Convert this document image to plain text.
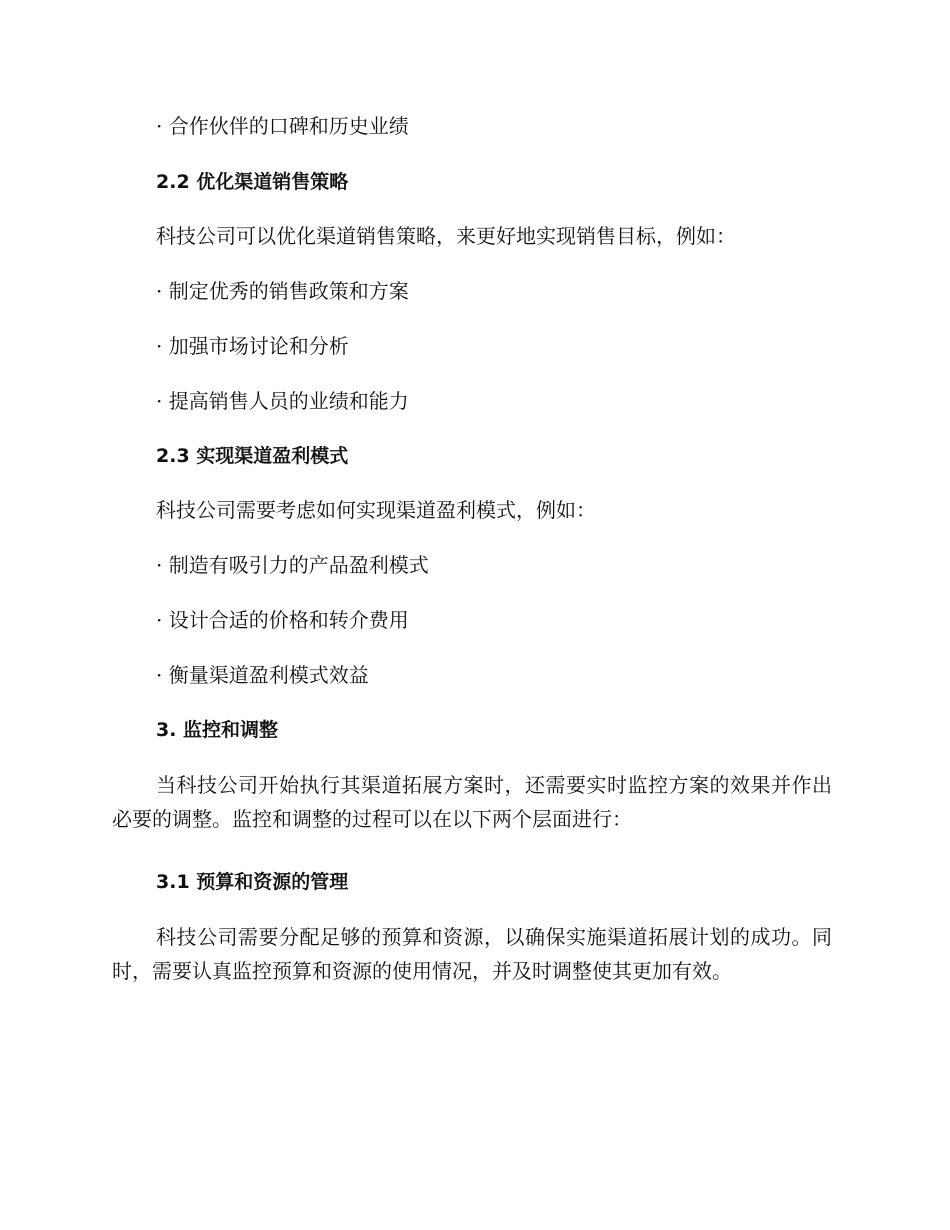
· 合作伙伴的口碑和历史业绩
2.2 优化渠道销售策略
科技公司可以优化渠道销售策略，来更好地实现销售目标，例如：
· 制定优秀的销售政策和方案
· 加强市场讨论和分析
· 提高销售人员的业绩和能力
2.3 实现渠道盈利模式
科技公司需要考虑如何实现渠道盈利模式，例如：
· 制造有吸引力的产品盈利模式
· 设计合适的价格和转介费用
· 衡量渠道盈利模式效益
3. 监控和调整

当科技公司开始执行其渠道拓展方案时，还需要实时监控方案的效果并作出必要的调整。监控和调整的过程可以在以下两个层面进行：

3.1 预算和资源的管理

科技公司需要分配足够的预算和资源，以确保实施渠道拓展计划的成功。同时，需要认真监控预算和资源的使用情况，并及时调整使其更加有效。
